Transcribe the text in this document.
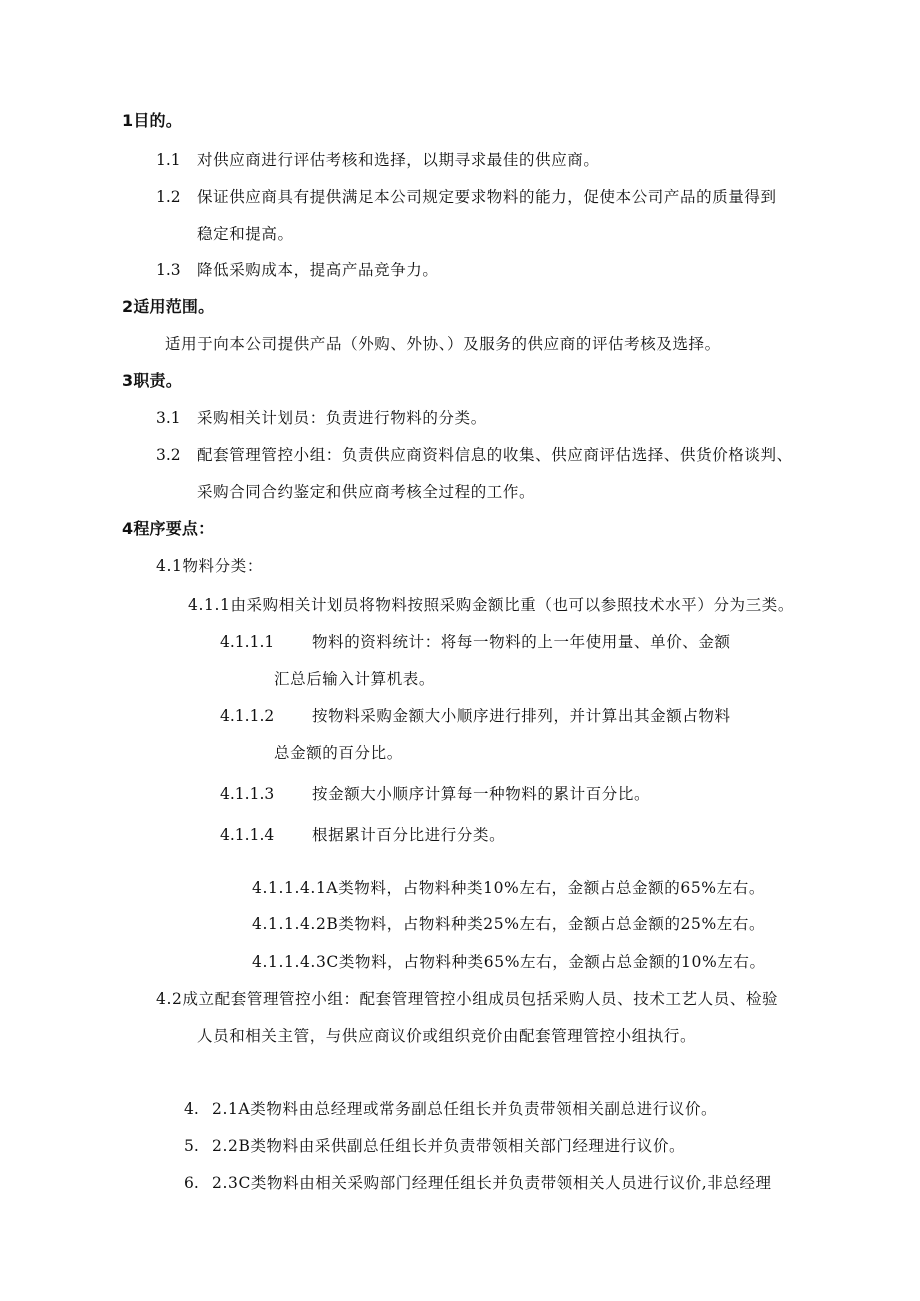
1目的。
1.1 对供应商进行评估考核和选择，以期寻求最佳的供应商。
1.2 保证供应商具有提供满足本公司规定要求物料的能力，促使本公司产品的质量得到
稳定和提高。
1.3 降低采购成本，提高产品竞争力。
2适用范围。
适用于向本公司提供产品（外购、外协、）及服务的供应商的评估考核及选择。
3职责。
3.1 采购相关计划员：负责进行物料的分类。
3.2 配套管理管控小组：负责供应商资料信息的收集、供应商评估选择、供货价格谈判、
采购合同合约鉴定和供应商考核全过程的工作。
4程序要点：
4.1物料分类：
4.1.1由采购相关计划员将物料按照采购金额比重（也可以参照技术水平）分为三类。
4.1.1.1 物料的资料统计：将每一物料的上一年使用量、单价、金额
汇总后输入计算机表。
4.1.1.2 按物料采购金额大小顺序进行排列，并计算出其金额占物料
总金额的百分比。
4.1.1.3 按金额大小顺序计算每一种物料的累计百分比。
4.1.1.4 根据累计百分比进行分类。
4.1.1.4.1A类物料，占物料种类10%左右，金额占总金额的65%左右。
4.1.1.4.2B类物料，占物料种类25%左右，金额占总金额的25%左右。
4.1.1.4.3C类物料，占物料种类65%左右，金额占总金额的10%左右。
4.2成立配套管理管控小组：配套管理管控小组成员包括采购人员、技术工艺人员、检验
人员和相关主管，与供应商议价或组织竞价由配套管理管控小组执行。
4. 2.1A类物料由总经理或常务副总任组长并负责带领相关副总进行议价。
5. 2.2B类物料由采供副总任组长并负责带领相关部门经理进行议价。
6. 2.3C类物料由相关采购部门经理任组长并负责带领相关人员进行议价,非总经理
